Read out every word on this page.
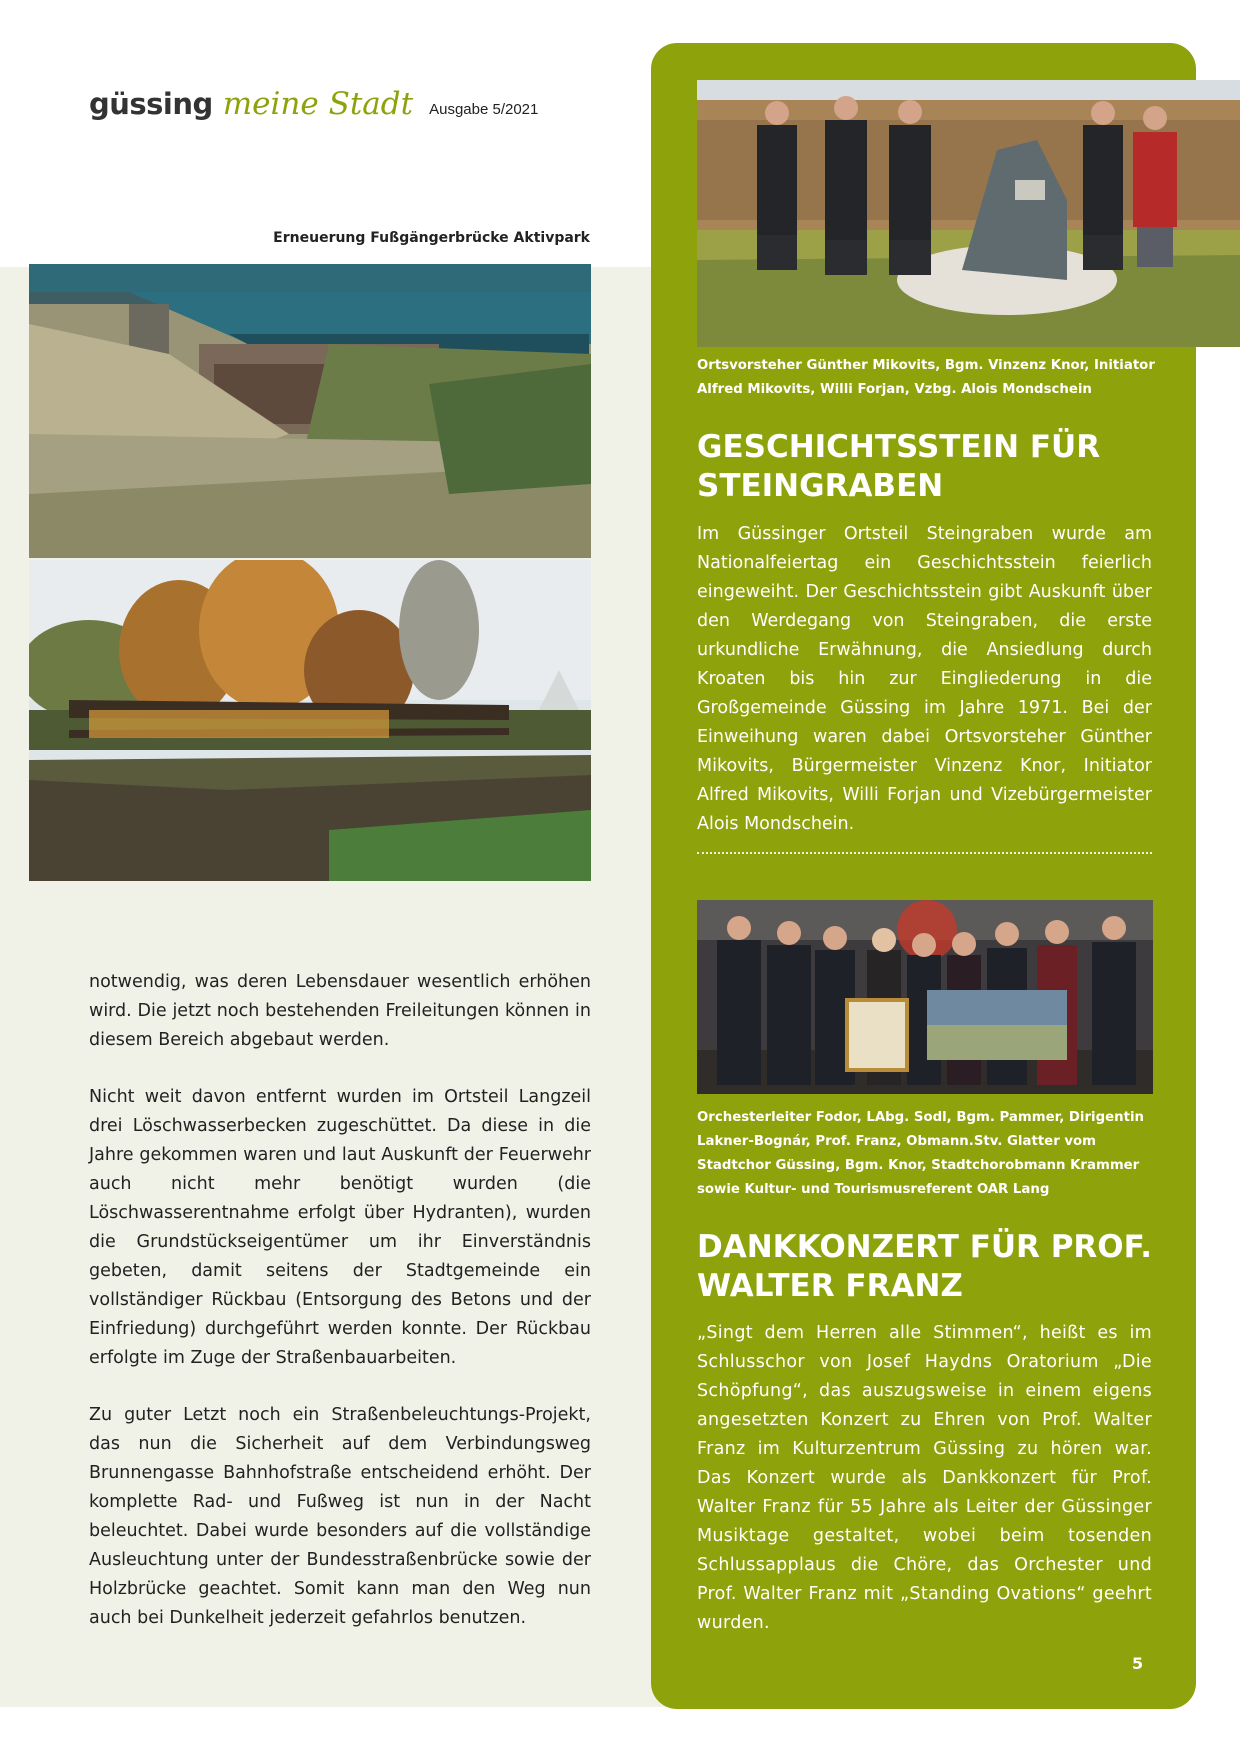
güssing meine Stadt Ausgabe 5/2021
Erneuerung Fußgängerbrücke Aktivpark

notwendig, was deren Lebensdauer wesentlich erhöhen wird. Die jetzt noch bestehenden Freileitungen können in diesem Bereich abgebaut werden.

Nicht weit davon entfernt wurden im Ortsteil Langzeil drei Löschwasserbecken zugeschüttet. Da diese in die Jahre gekommen waren und laut Auskunft der Feuerwehr auch nicht mehr benötigt wurden (die Löschwasserentnahme erfolgt über Hydranten), wurden die Grundstückseigentümer um ihr Einverständnis gebeten, damit seitens der Stadtgemeinde ein vollständiger Rückbau (Entsorgung des Betons und der Einfriedung) durchgeführt werden konnte. Der Rückbau erfolgte im Zuge der Straßenbauarbeiten.

Zu guter Letzt noch ein Straßenbeleuchtungs-Projekt, das nun die Sicherheit auf dem Verbindungsweg Brunnengasse Bahnhofstraße entscheidend erhöht. Der komplette Rad- und Fußweg ist nun in der Nacht beleuchtet. Dabei wurde besonders auf die vollständige Ausleuchtung unter der Bundesstraßenbrücke sowie der Holzbrücke geachtet. Somit kann man den Weg nun auch bei Dunkelheit jederzeit gefahrlos benutzen.

Ortsvorsteher Günther Mikovits, Bgm. Vinzenz Knor, Initiator Alfred Mikovits, Willi Forjan, Vzbg. Alois Mondschein
GESCHICHTSSTEIN FÜR STEINGRABEN
Im Güssinger Ortsteil Steingraben wurde am Nationalfeiertag ein Geschichtsstein feierlich eingeweiht. Der Geschichtsstein gibt Auskunft über den Werdegang von Steingraben, die erste urkundliche Erwähnung, die Ansiedlung durch Kroaten bis hin zur Eingliederung in die Großgemeinde Güssing im Jahre 1971. Bei der Einweihung waren dabei Ortsvorsteher Günther Mikovits, Bürgermeister Vinzenz Knor, Initiator Alfred Mikovits, Willi Forjan und Vizebürgermeister Alois Mondschein.
Orchesterleiter Fodor, LAbg. Sodl, Bgm. Pammer, Dirigentin Lakner-Bognár, Prof. Franz, Obmann.Stv. Glatter vom Stadtchor Güssing, Bgm. Knor, Stadtchorobmann Krammer sowie Kultur- und Tourismusreferent OAR Lang
DANKKONZERT FÜR PROF. WALTER FRANZ
„Singt dem Herren alle Stimmen“, heißt es im Schlusschor von Josef Haydns Oratorium „Die Schöpfung“, das auszugsweise in einem eigens angesetzten Konzert zu Ehren von Prof. Walter Franz im Kulturzentrum Güssing zu hören war. Das Konzert wurde als Dankkonzert für Prof. Walter Franz für 55 Jahre als Leiter der Güssinger Musiktage gestaltet, wobei beim tosenden Schlussapplaus die Chöre, das Orchester und Prof. Walter Franz mit „Standing Ovations“ geehrt wurden.
5
